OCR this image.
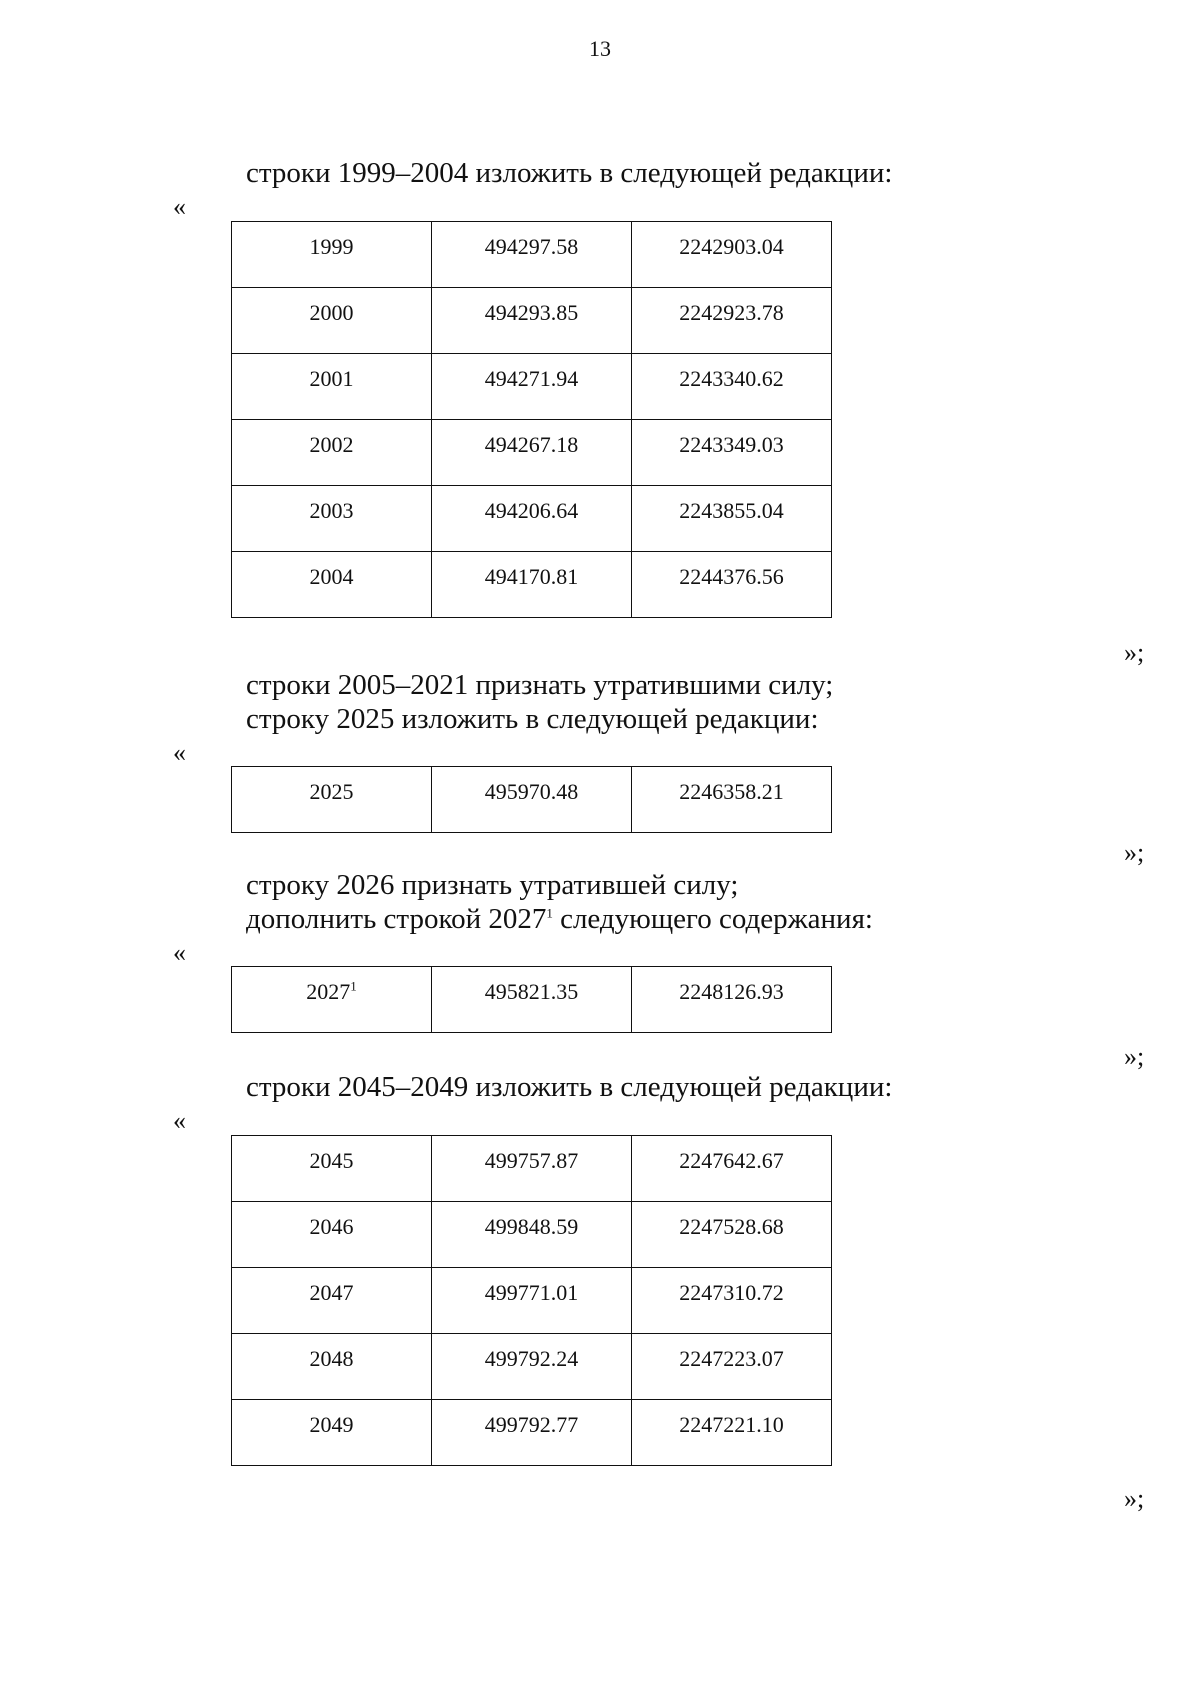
13
строки 1999–2004 изложить в следующей редакции:
«
1999	494297.58	2242903.04
2000	494293.85	2242923.78
2001	494271.94	2243340.62
2002	494267.18	2243349.03
2003	494206.64	2243855.04
2004	494170.81	2244376.56
»;
строки 2005–2021 признать утратившими силу;
строку 2025 изложить в следующей редакции:
«
2025	495970.48	2246358.21
»;
строку 2026 признать утратившей силу;
дополнить строкой 2027$^1$ следующего содержания:
«
2027$^1$	495821.35	2248126.93
»;
строки 2045–2049 изложить в следующей редакции:
«
2045	499757.87	2247642.67
2046	499848.59	2247528.68
2047	499771.01	2247310.72
2048	499792.24	2247223.07
2049	499792.77	2247221.10
»;
